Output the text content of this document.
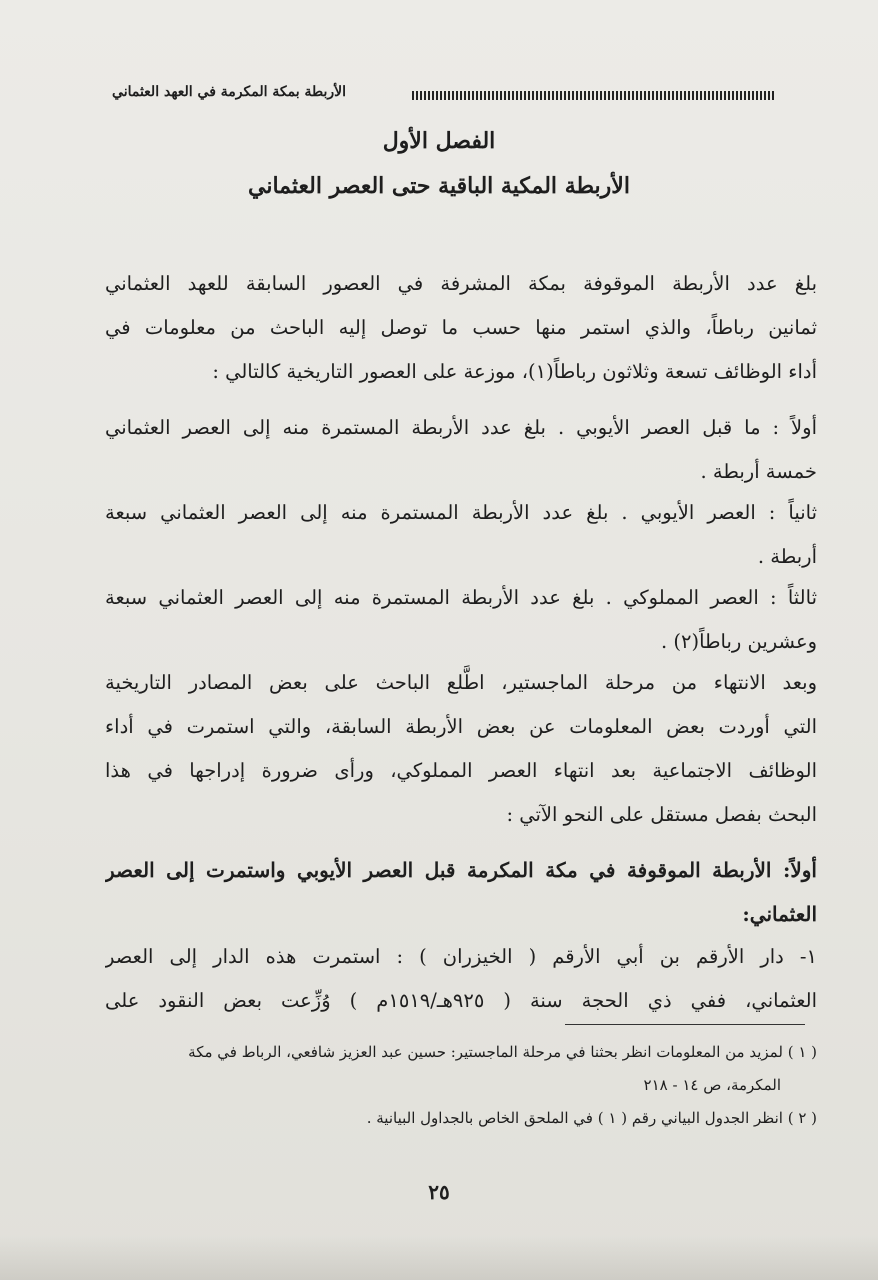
الأربطة بمكة المكرمة في العهد العثماني
الفصل الأول
الأربطة المكية الباقية حتى العصر العثماني
بلغ عدد الأربطة الموقوفة بمكة المشرفة في العصور السابقة للعهد العثماني
ثمانين رباطاً، والذي استمر منها حسب ما توصل إليه الباحث من معلومات في
أداء الوظائف تسعة وثلاثون رباطاً(١)، موزعة على العصور التاريخية كالتالي :
أولاً : ما قبل العصر الأيوبي . بلغ عدد الأربطة المستمرة منه إلى العصر العثماني
خمسة أربطة .
ثانياً : العصر الأيوبي . بلغ عدد الأربطة المستمرة منه إلى العصر العثماني سبعة
أربطة .
ثالثاً : العصر المملوكي . بلغ عدد الأربطة المستمرة منه إلى العصر العثماني سبعة
وعشرين رباطاً(٢) .
وبعد الانتهاء من مرحلة الماجستير، اطَّلع الباحث على بعض المصادر التاريخية
التي أوردت بعض المعلومات عن بعض الأربطة السابقة، والتي استمرت في أداء
الوظائف الاجتماعية بعد انتهاء العصر المملوكي، ورأى ضرورة إدراجها في هذا
البحث بفصل مستقل على النحو الآتي :
أولاً: الأربطة الموقوفة في مكة المكرمة قبل العصر الأيوبي واستمرت إلى العصر
العثماني:
١- دار الأرقم بن أبي الأرقم ( الخيزران ) : استمرت هذه الدار إلى العصر
العثماني، ففي ذي الحجة سنة ( ٩٢٥هـ/١٥١٩م ) وُزِّعت بعض النقود على
( ١ ) لمزيد من المعلومات انظر بحثنا في مرحلة الماجستير: حسين عبد العزيز شافعي، الرباط في مكة
المكرمة، ص ١٤ - ٢١٨
( ٢ ) انظر الجدول البياني رقم ( ١ ) في الملحق الخاص بالجداول البيانية .
٢٥
